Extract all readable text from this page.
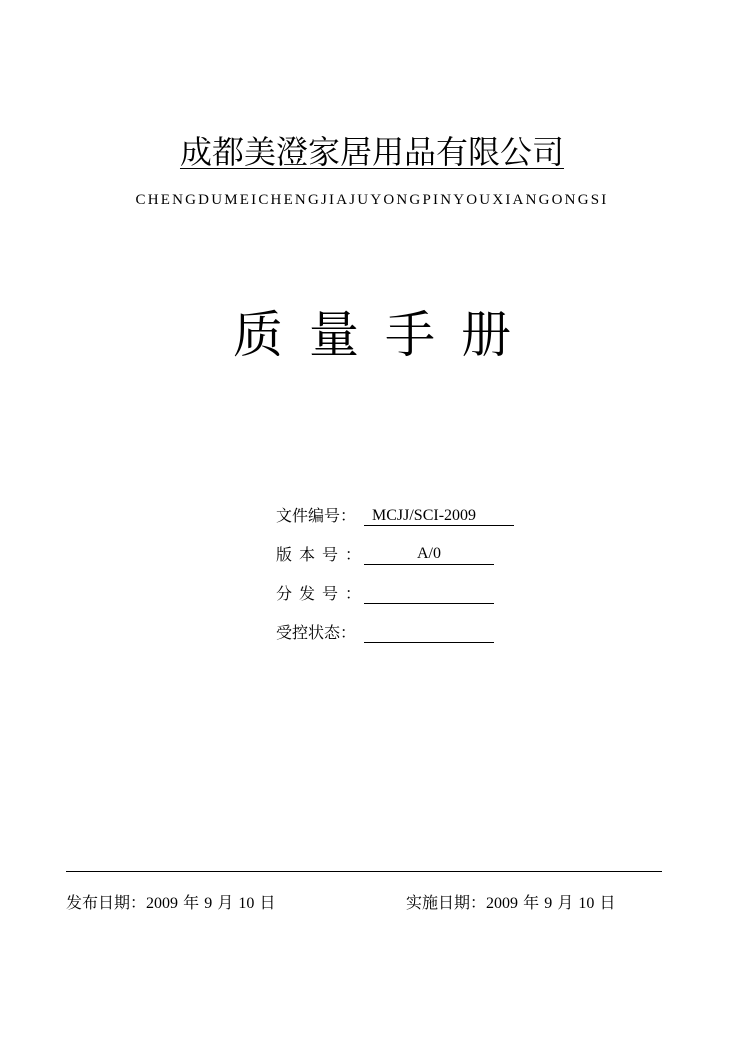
成都美澄家居用品有限公司
CHENGDUMEICHENGJIAJUYONGPINYOUXIANGONGSI
质量手册
文件编号： MCJJ/SCI-2009
版本号：	A/0
分发号：
受控状态：
发布日期：2009 年 9 月 10 日	实施日期：2009 年 9 月 10 日
